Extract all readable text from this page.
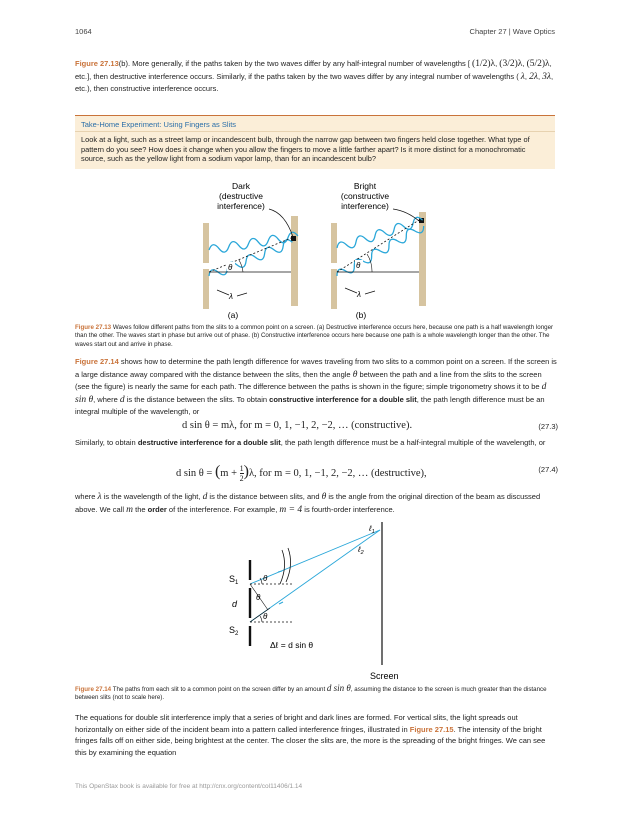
1064	Chapter 27 | Wave Optics
Figure 27.13(b). More generally, if the paths taken by the two waves differ by any half-integral number of wavelengths [ (1/2)λ, (3/2)λ, (5/2)λ, etc.], then destructive interference occurs. Similarly, if the paths taken by the two waves differ by any integral number of wavelengths ( λ, 2λ, 3λ, etc.), then constructive interference occurs.
Take-Home Experiment: Using Fingers as Slits
Look at a light, such as a street lamp or incandescent bulb, through the narrow gap between two fingers held close together. What type of pattern do you see? How does it change when you allow the fingers to move a little farther apart? Is it more distinct for a monochromatic source, such as the yellow light from a sodium vapor lamp, than for an incandescent bulb?
θ
λ
Dark
(destructive
interference)
(a)
θ
λ
Bright
(constructive
interference)
(b)
Figure 27.13 Waves follow different paths from the slits to a common point on a screen. (a) Destructive interference occurs here, because one path is a half wavelength longer than the other. The waves start in phase but arrive out of phase. (b) Constructive interference occurs here because one path is a whole wavelength longer than the other. The waves start out and arrive in phase.
Figure 27.14 shows how to determine the path length difference for waves traveling from two slits to a common point on a screen. If the screen is a large distance away compared with the distance between the slits, then the angle θ between the path and a line from the slits to the screen (see the figure) is nearly the same for each path. The difference between the paths is shown in the figure; simple trigonometry shows it to be d sin θ, where d is the distance between the slits. To obtain constructive interference for a double slit, the path length difference must be an integral multiple of the wavelength, or
d sin θ = mλ, for m = 0, 1, −1, 2, −2, … (constructive).	(27.3)
Similarly, to obtain destructive interference for a double slit, the path length difference must be a half-integral multiple of the wavelength, or
d $\sin \theta = (m + \frac{1}{2} )\lambda$, for m = 0, 1, −1, 2, −2, … (destructive),	(27.4)
where λ is the wavelength of the light, d is the distance between slits, and θ is the angle from the original direction of the beam as discussed above. We call m the order of the interference. For example, m = 4 is fourth-order interference.
ℓ$_1$
ℓ$_2$
$S_1$
$S_2$
d
θ
θ
θ
Δℓ = d sin θ
Screen
Figure 27.14 The paths from each slit to a common point on the screen differ by an amount d sin θ, assuming the distance to the screen is much greater than the distance between slits (not to scale here).
The equations for double slit interference imply that a series of bright and dark lines are formed. For vertical slits, the light spreads out horizontally on either side of the incident beam into a pattern called interference fringes, illustrated in Figure 27.15. The intensity of the bright fringes falls off on either side, being brightest at the center. The closer the slits are, the more is the spreading of the bright fringes. We can see this by examining the equation
This OpenStax book is available for free at http://cnx.org/content/col11406/1.14
